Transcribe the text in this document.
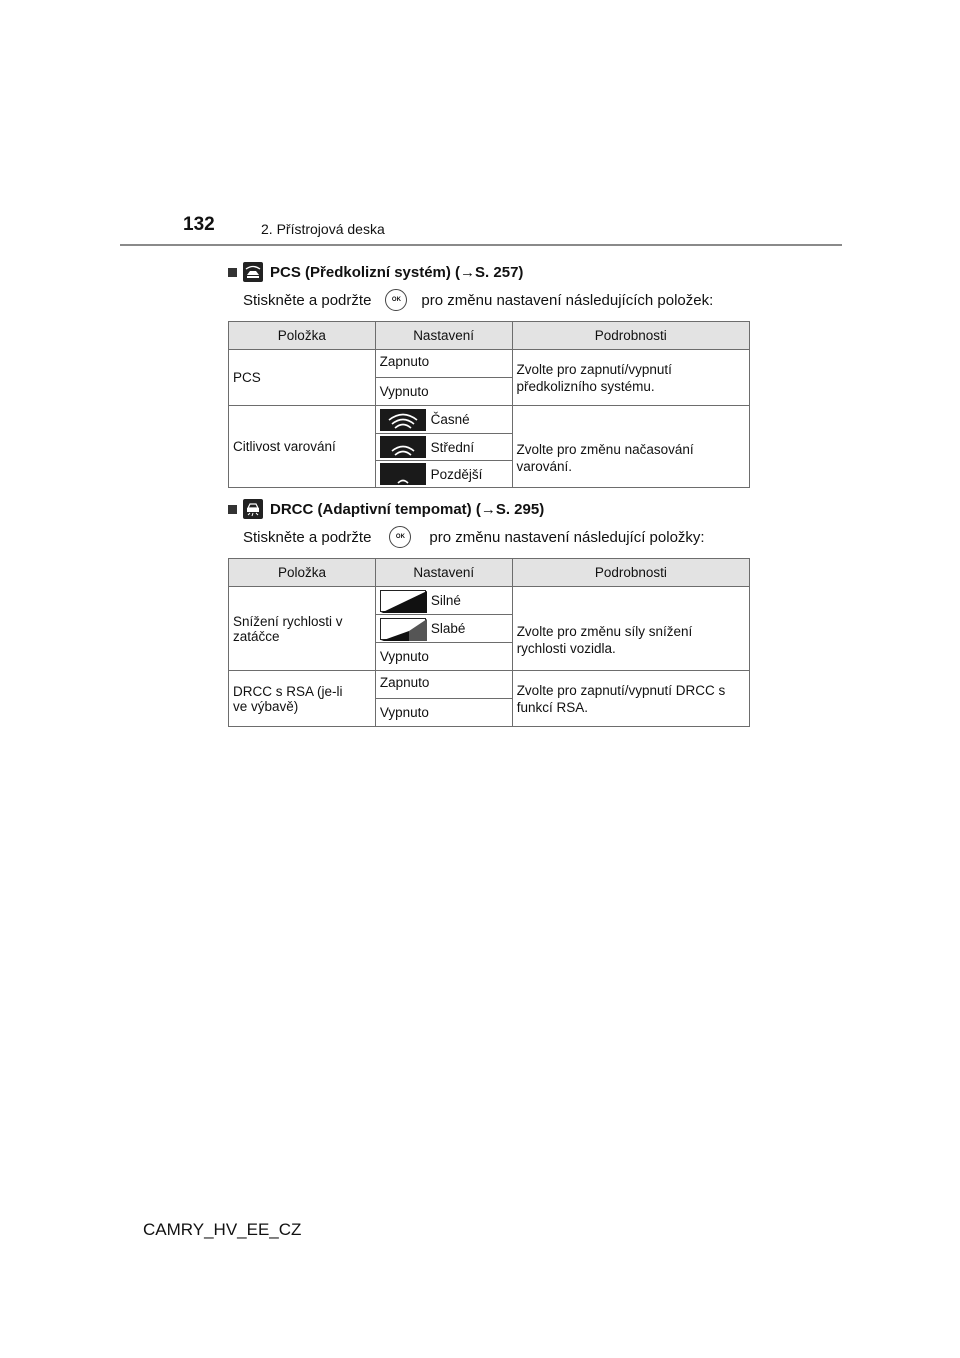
132	2. Přístrojová deska
PCS (Předkolizní systém) (→S. 257)
Stiskněte a podržte	OK	pro změnu nastavení následujících položek:
Položka	Nastavení	Podrobnosti
PCS	Zapnuto	Zvolte pro zapnutí/vypnutí předkolizního systému.
	Vypnuto	
Citlivost varování	Časné	Zvolte pro změnu načasování varování.

	Střední	

	Pozdější	
DRCC (Adaptivní tempomat) (→S. 295)
Stiskněte a podržte	OK	pro změnu nastavení následující položky:
Položka	Nastavení	Podrobnosti
Snížení rychlosti v zatáčce	Silné	Zvolte pro změnu síly snížení rychlosti vozidla.

	Slabé	

	Vypnuto	
DRCC s RSA (je-li ve výbavě)	Zapnuto	Zvolte pro zapnutí/vypnutí DRCC s funkcí RSA.
	Vypnuto	
CAMRY_HV_EE_CZ
